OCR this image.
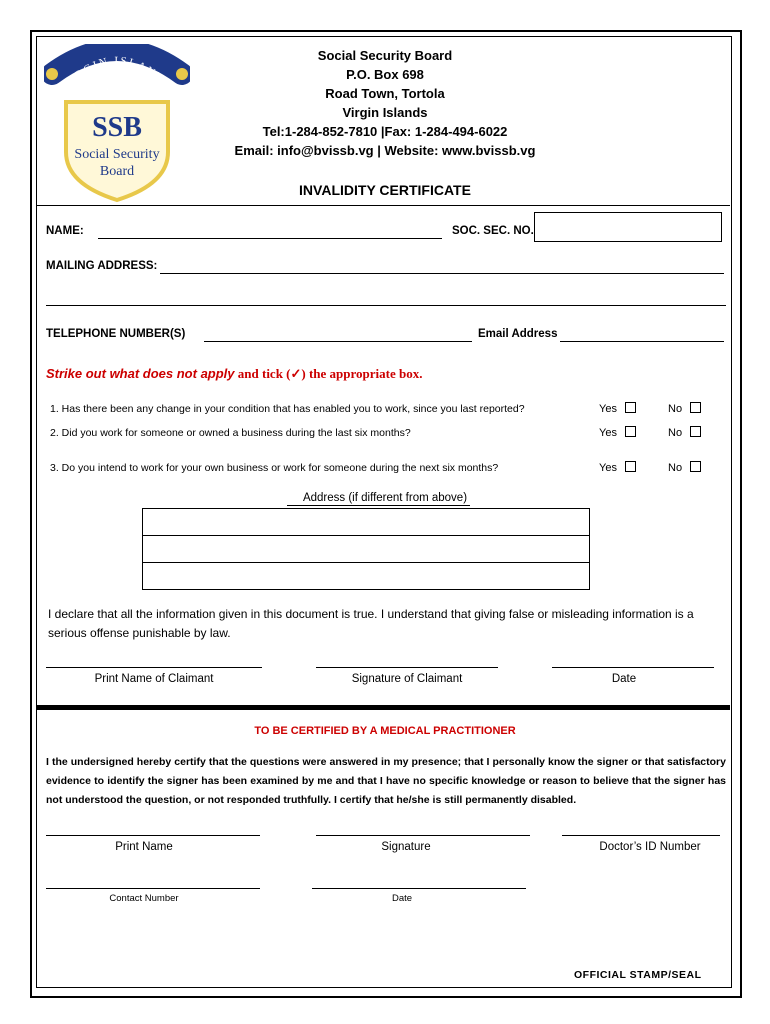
VIRGIN ISLANDS
SSB
Social Security
Board
Social Security Board
P.O. Box 698
Road Town, Tortola
Virgin Islands
Tel:1-284-852-7810 |Fax: 1-284-494-6022
Email: info@bvissb.vg | Website: www.bvissb.vg
INVALIDITY CERTIFICATE
NAME:	SOC. SEC. NO.
MAILING ADDRESS:
TELEPHONE NUMBER(S)	Email Address
Strike out what does not apply and tick (✓) the appropriate box.
1. Has there been any change in your condition that has enabled you to work, since you last reported?	Yes	No
2. Did you work for someone or owned a business during the last six months?	Yes	No
3. Do you intend to work for your own business or work for someone during the next six months?	Yes	No
Address (if different from above)
I declare that all the information given in this document is true. I understand that giving false or misleading information is a serious offense punishable by law.
Print Name of Claimant	Signature of Claimant	Date
TO BE CERTIFIED BY A MEDICAL PRACTITIONER
I the undersigned hereby certify that the questions were answered in my presence; that I personally know the signer or that satisfactory evidence to identify the signer has been examined by me and that I have no specific knowledge or reason to believe that the signer has not understood the question, or not responded truthfully. I certify that he/she is still permanently disabled.
Print Name	Signature	Doctor’s ID Number
Contact Number	Date
OFFICIAL STAMP/SEAL
